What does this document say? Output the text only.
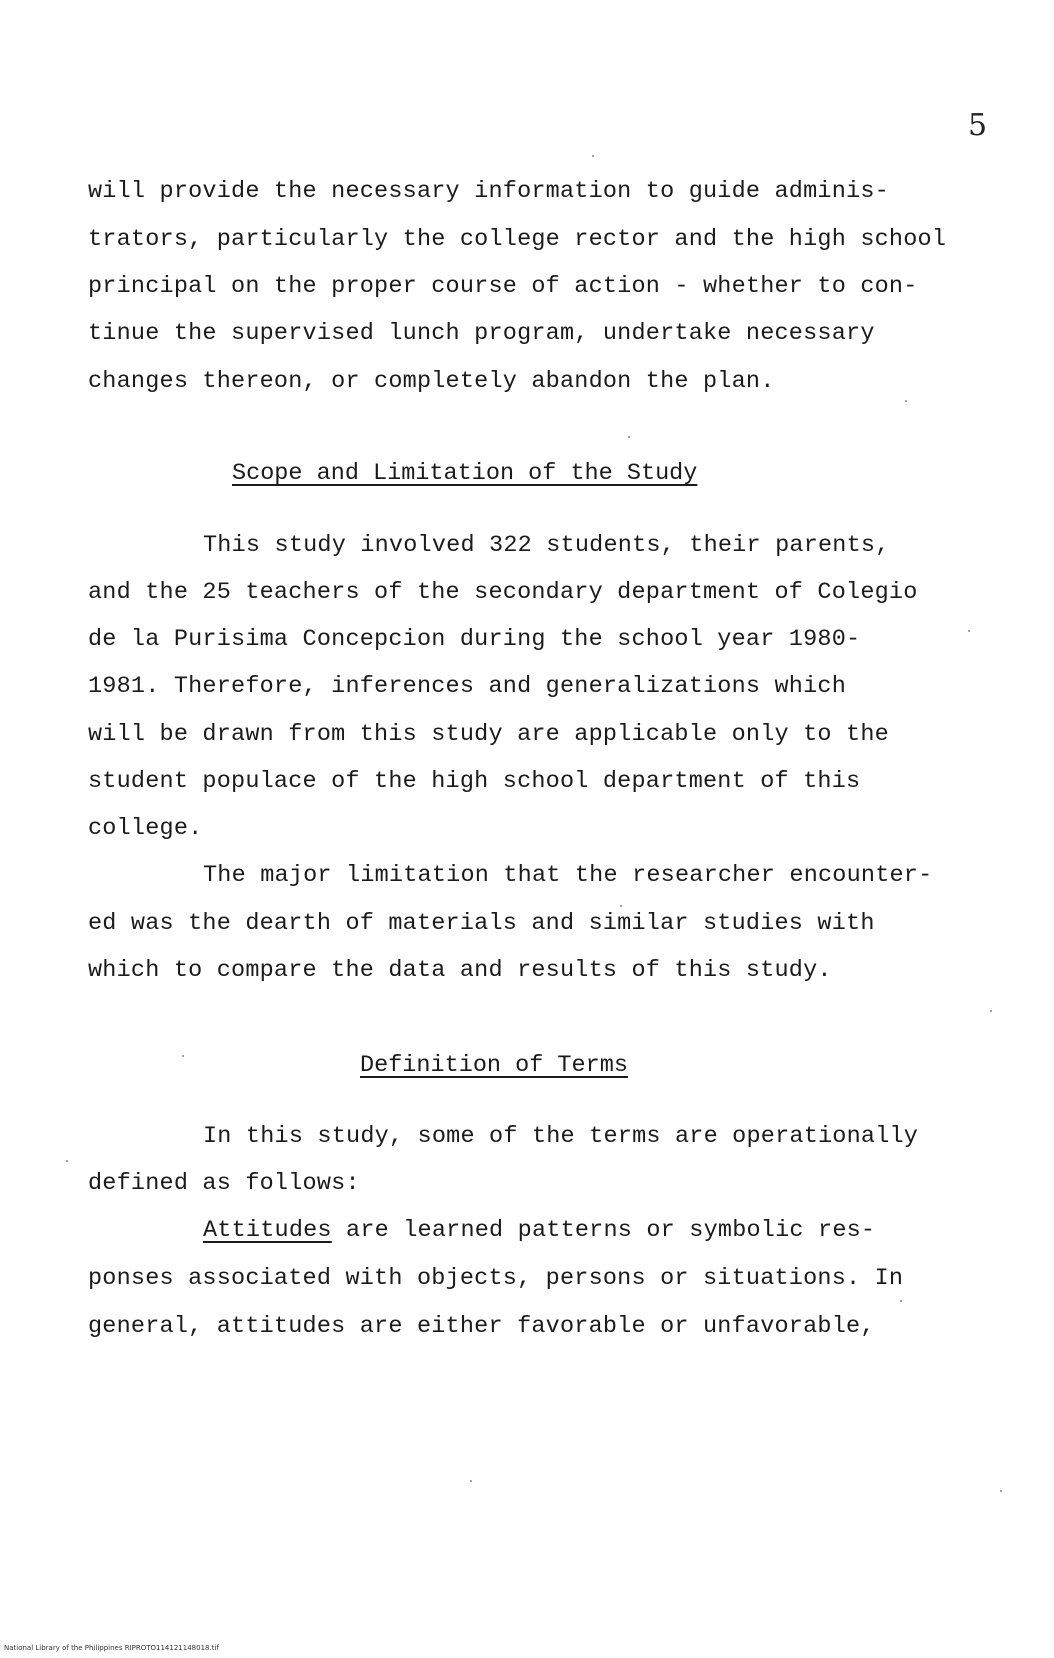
5
will provide the necessary information to guide adminis-
trators, particularly the college rector and the high school
principal on the proper course of action - whether to con-
tinue the supervised lunch program, undertake necessary
changes thereon, or completely abandon the plan.
Scope and Limitation of the Study
This study involved 322 students, their parents,
and the 25 teachers of the secondary department of Colegio
de la Purisima Concepcion during the school year 1980-
1981. Therefore, inferences and generalizations which
will be drawn from this study are applicable only to the
student populace of the high school department of this
college.
The major limitation that the researcher encounter-
ed was the dearth of materials and similar studies with
which to compare the data and results of this study.
Definition of Terms
In this study, some of the terms are operationally
defined as follows:
Attitudes are learned patterns or symbolic res-
ponses associated with objects, persons or situations. In
general, attitudes are either favorable or unfavorable,
National Library of the Philippines RIPROTO114121148018.tif
